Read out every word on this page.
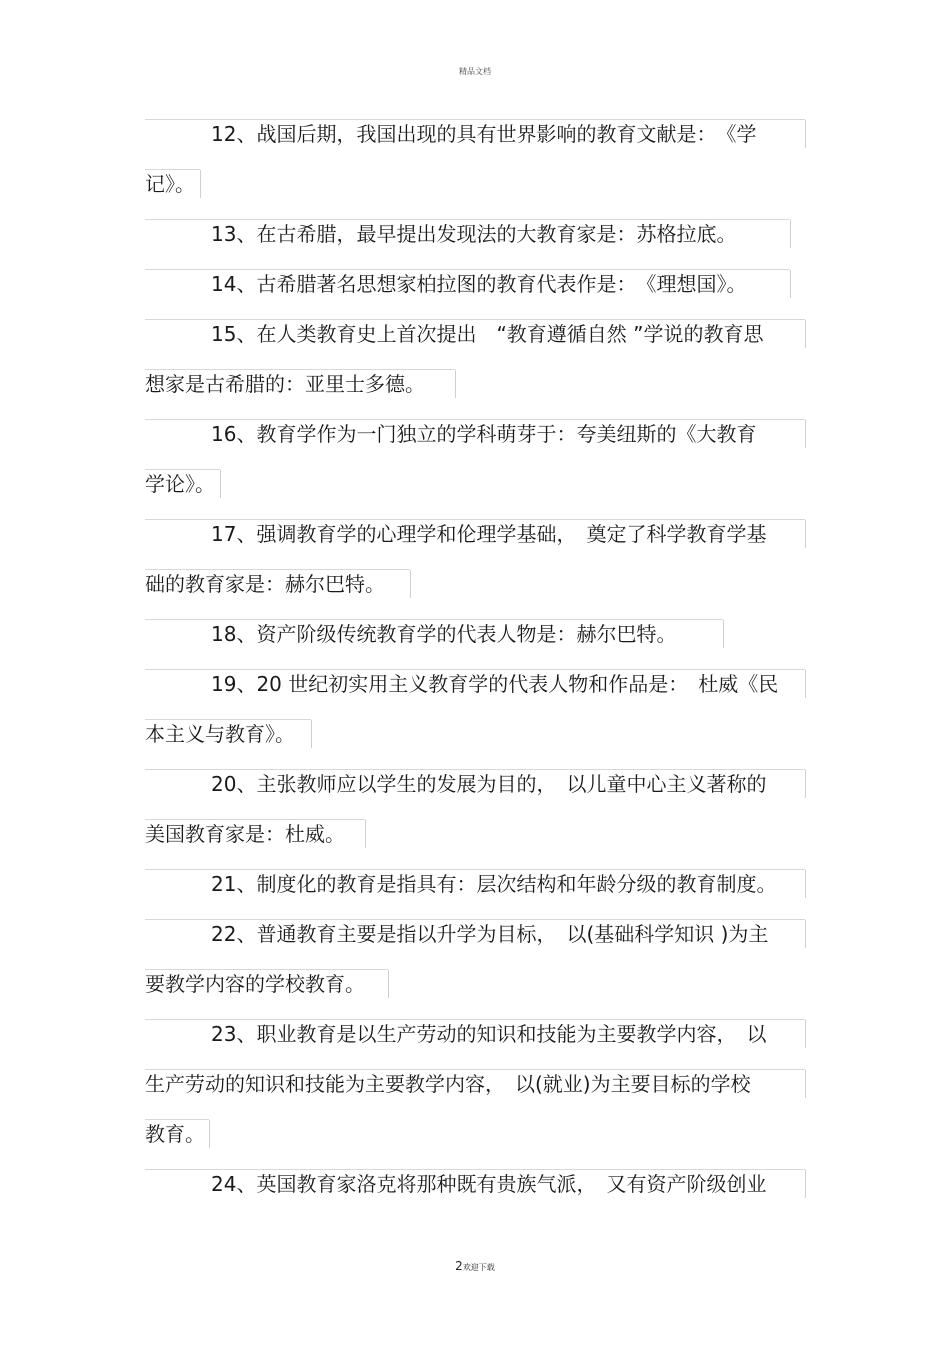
精品文档
12、战国后期，我国出现的具有世界影响的教育文献是：　《学
记》。
13、在古希腊，最早提出发现法的大教育家是：苏格拉底。
14、古希腊著名思想家柏拉图的教育代表作是：　《理想国》。
15、在人类教育史上首次提出　“教育遵循自然 ”学说的教育思
想家是古希腊的：亚里士多德。
16、教育学作为一门独立的学科萌芽于：夸美纽斯的《大教育
学论》。
17、强调教育学的心理学和伦理学基础，　奠定了科学教育学基
础的教育家是：赫尔巴特。
18、资产阶级传统教育学的代表人物是：赫尔巴特。
19、20 世纪初实用主义教育学的代表人物和作品是：　杜威《民
本主义与教育》。
20、主张教师应以学生的发展为目的，　以儿童中心主义著称的
美国教育家是：杜威。
21、制度化的教育是指具有：层次结构和年龄分级的教育制度。
22、普通教育主要是指以升学为目标，　以(基础科学知识 )为主
要教学内容的学校教育。
23、职业教育是以生产劳动的知识和技能为主要教学内容，　以
生产劳动的知识和技能为主要教学内容，　以(就业)为主要目标的学校
教育。
24、英国教育家洛克将那种既有贵族气派，　又有资产阶级创业
2欢迎下载
